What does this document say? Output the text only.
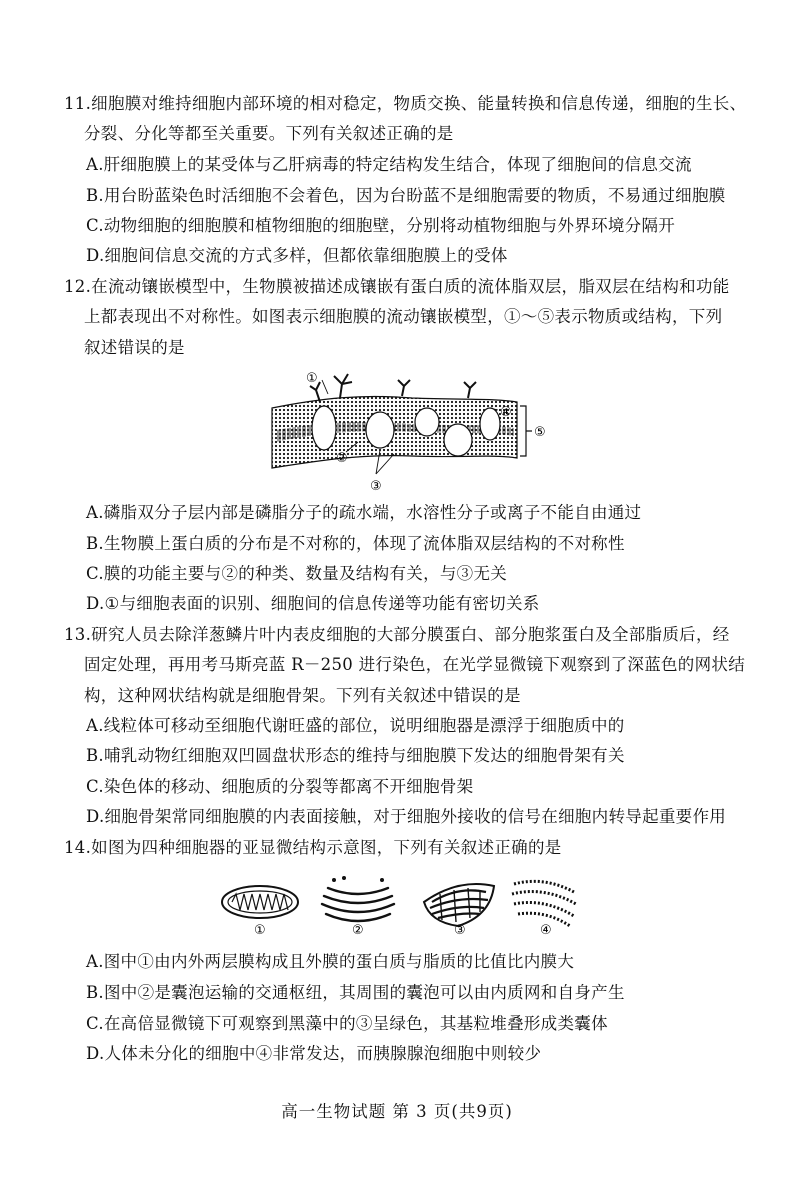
11.细胞膜对维持细胞内部环境的相对稳定，物质交换、能量转换和信息传递，细胞的生长、
分裂、分化等都至关重要。下列有关叙述正确的是
A.肝细胞膜上的某受体与乙肝病毒的特定结构发生结合，体现了细胞间的信息交流
B.用台盼蓝染色时活细胞不会着色，因为台盼蓝不是细胞需要的物质，不易通过细胞膜
C.动物细胞的细胞膜和植物细胞的细胞壁，分别将动植物细胞与外界环境分隔开
D.细胞间信息交流的方式多样，但都依靠细胞膜上的受体
12.在流动镶嵌模型中，生物膜被描述成镶嵌有蛋白质的流体脂双层，脂双层在结构和功能
上都表现出不对称性。如图表示细胞膜的流动镶嵌模型，①～⑤表示物质或结构，下列
叙述错误的是
①
②
③
④
⑤
A.磷脂双分子层内部是磷脂分子的疏水端，水溶性分子或离子不能自由通过
B.生物膜上蛋白质的分布是不对称的，体现了流体脂双层结构的不对称性
C.膜的功能主要与②的种类、数量及结构有关，与③无关
D.①与细胞表面的识别、细胞间的信息传递等功能有密切关系
13.研究人员去除洋葱鳞片叶内表皮细胞的大部分膜蛋白、部分胞浆蛋白及全部脂质后，经
固定处理，再用考马斯亮蓝 R－250 进行染色，在光学显微镜下观察到了深蓝色的网状结
构，这种网状结构就是细胞骨架。下列有关叙述中错误的是
A.线粒体可移动至细胞代谢旺盛的部位，说明细胞器是漂浮于细胞质中的
B.哺乳动物红细胞双凹圆盘状形态的维持与细胞膜下发达的细胞骨架有关
C.染色体的移动、细胞质的分裂等都离不开细胞骨架
D.细胞骨架常同细胞膜的内表面接触，对于细胞外接收的信号在细胞内转导起重要作用
14.如图为四种细胞器的亚显微结构示意图，下列有关叙述正确的是
①	②	③	④
A.图中①由内外两层膜构成且外膜的蛋白质与脂质的比值比内膜大
B.图中②是囊泡运输的交通枢纽，其周围的囊泡可以由内质网和自身产生
C.在高倍显微镜下可观察到黑藻中的③呈绿色，其基粒堆叠形成类囊体
D.人体未分化的细胞中④非常发达，而胰腺腺泡细胞中则较少
高一生物试题 第 3 页(共9页)
